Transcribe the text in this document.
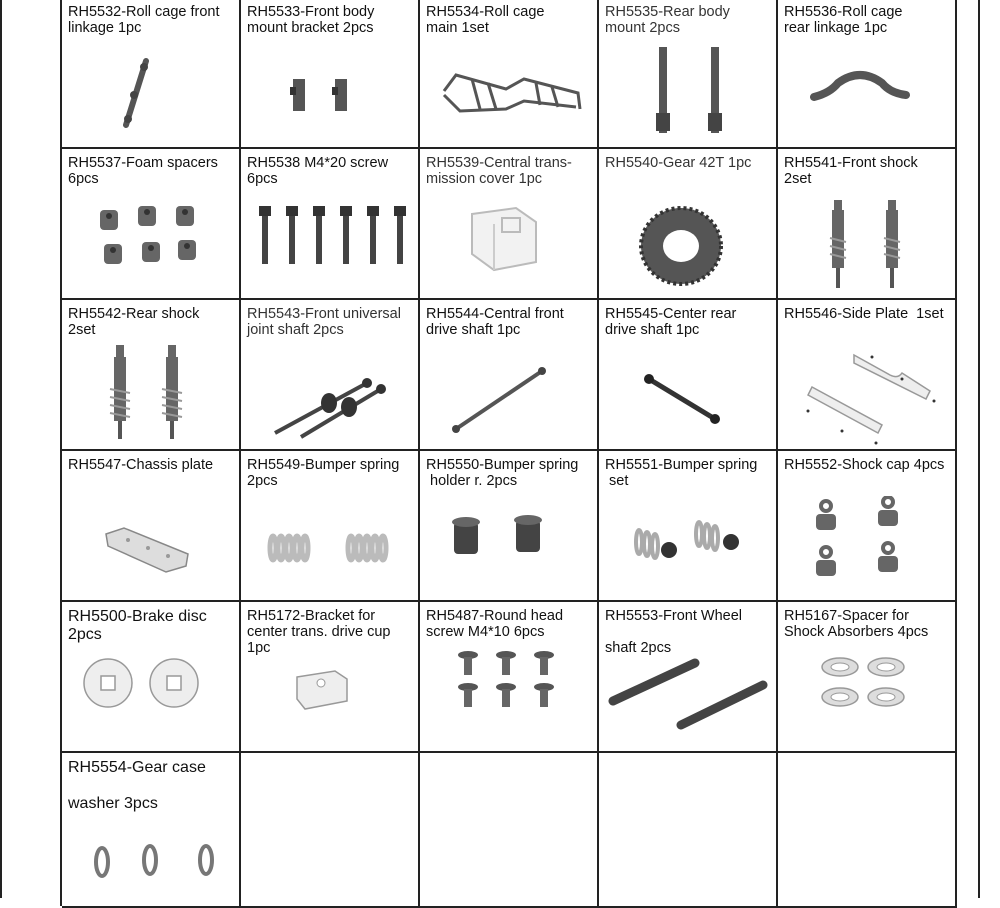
RH5532-Roll cage front
linkage 1pc
RH5533-Front body
mount bracket 2pcs
RH5534-Roll cage
main 1set
RH5535-Rear body
mount 2pcs
RH5536-Roll cage
rear linkage 1pc
RH5537-Foam spacers
6pcs
RH5538 M4*20 screw
6pcs
RH5539-Central trans-
mission cover 1pc
RH5540-Gear 42T 1pc	RH5541-Front shock
2set
RH5542-Rear shock
2set
RH5543-Front universal
joint shaft 2pcs
RH5544-Central front
drive shaft 1pc
RH5545-Center rear
drive shaft 1pc
RH5546-Side Plate  1set
RH5547-Chassis plate	RH5549-Bumper spring
2pcs
RH5550-Bumper spring
holder r. 2pcs
RH5551-Bumper spring
set
RH5552-Shock cap 4pcs
RH5500-Brake disc
2pcs
RH5172-Bracket for
center trans. drive cup
1pc
RH5487-Round head
screw M4*10 6pcs
RH5553-Front Wheel

shaft 2pcs
RH5167-Spacer for
Shock Absorbers 4pcs
RH5554-Gear case

washer 3pcs
